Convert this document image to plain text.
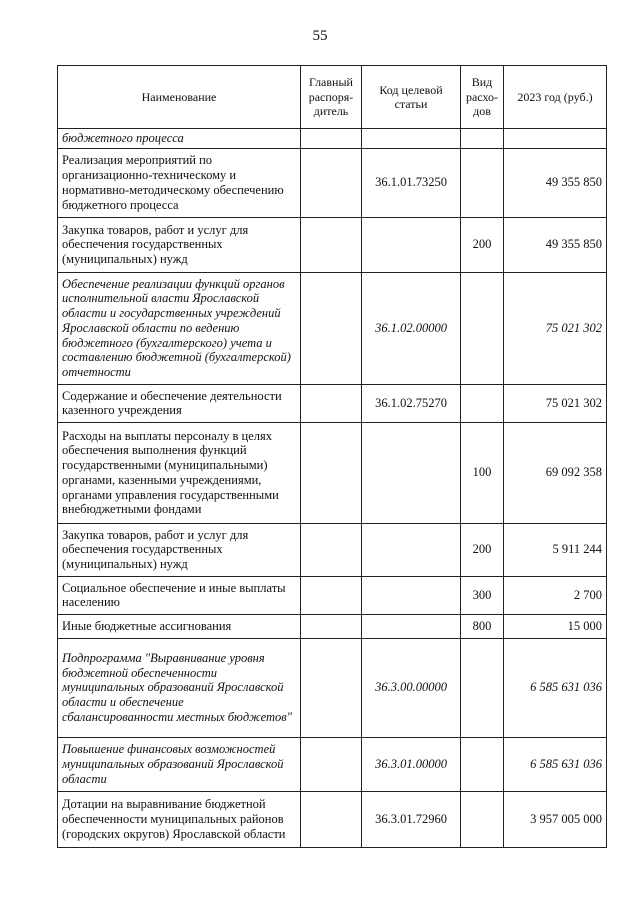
55
Наименование	Главный распоря-дитель	Код целевой статьи	Вид расхо-дов	2023 год (руб.)
бюджетного процесса				
Реализация мероприятий по организационно-техническому и нормативно-методическому обеспечению бюджетного процесса		36.1.01.73250		49 355 850
Закупка товаров, работ и услуг для обеспечения государственных (муниципальных) нужд			200	49 355 850
Обеспечение реализации функций органов исполнительной власти Ярославской области и государственных учреждений Ярославской области по ведению бюджетного (бухгалтерского) учета и составлению бюджетной (бухгалтерской) отчетности		36.1.02.00000		75 021 302
Содержание и обеспечение деятельности казенного учреждения		36.1.02.75270		75 021 302
Расходы на выплаты персоналу в целях обеспечения выполнения функций государственными (муниципальными) органами, казенными учреждениями, органами управления государственными внебюджетными фондами			100	69 092 358
Закупка товаров, работ и услуг для обеспечения государственных (муниципальных) нужд			200	5 911 244
Социальное обеспечение и иные выплаты населению			300	2 700
Иные бюджетные ассигнования			800	15 000
Подпрограмма "Выравнивание уровня бюджетной обеспеченности муниципальных образований Ярославской области и обеспечение сбалансированности местных бюджетов"		36.3.00.00000		6 585 631 036
Повышение финансовых возможностей муниципальных образований Ярославской области		36.3.01.00000		6 585 631 036
Дотации на выравнивание бюджетной обеспеченности муниципальных районов (городских округов) Ярославской области		36.3.01.72960		3 957 005 000
